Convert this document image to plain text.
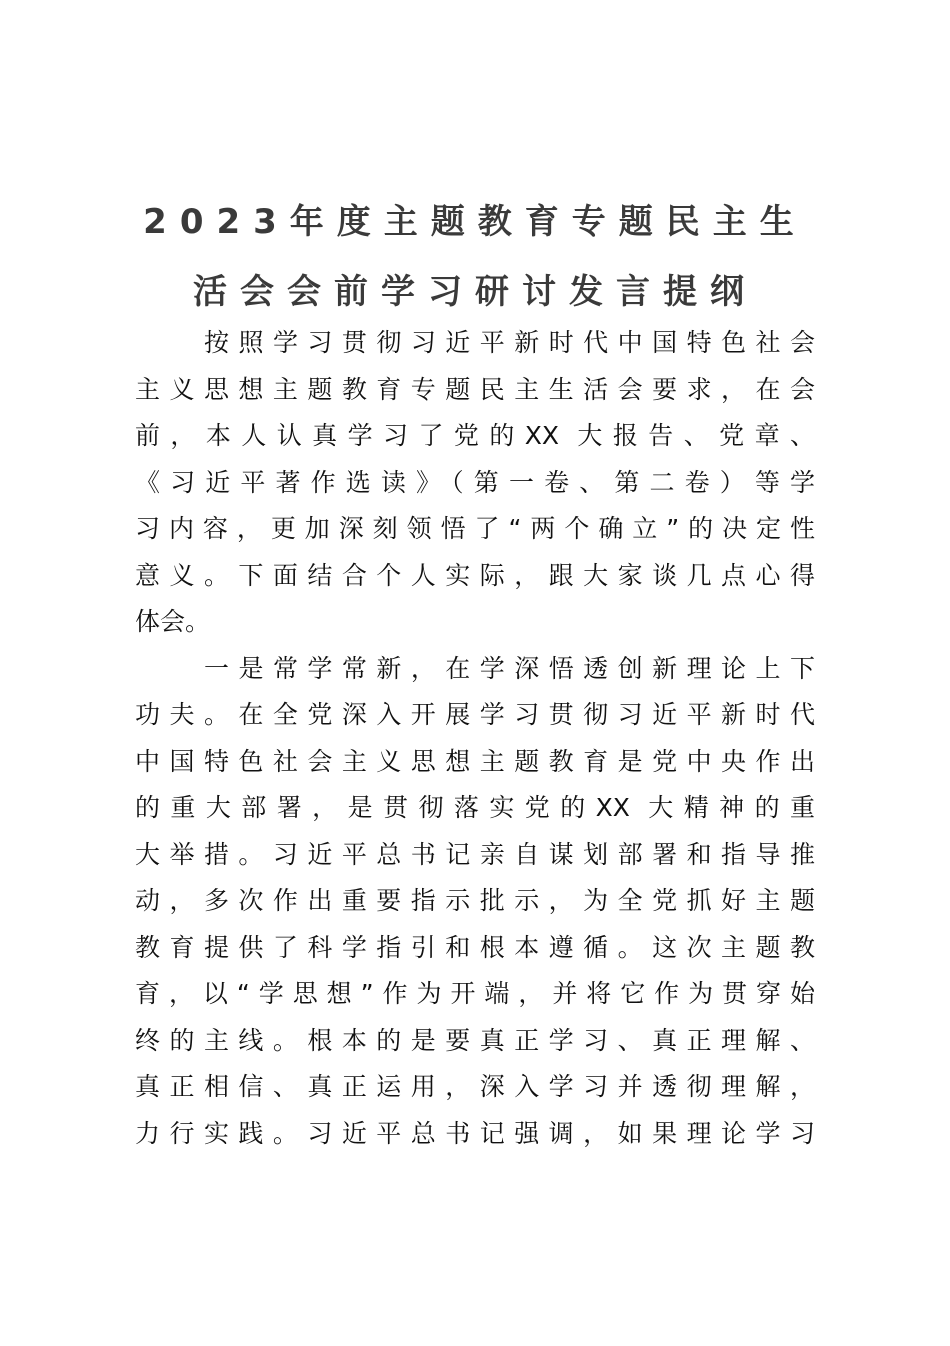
2023年度主题教育专题民主生
活会会前学习研讨发言提纲
按照学习贯彻习近平新时代中国特色社会
主义思想主题教育专题民主生活会要求，在会
前，本人认真学习了党的XX 大报告、党章、
《习近平著作选读》（第一卷、第二卷）等学
习内容，更加深刻领悟了“两个确立”的决定性
意义。下面结合个人实际，跟大家谈几点心得
体会。
一是常学常新，在学深悟透创新理论上下
功夫。在全党深入开展学习贯彻习近平新时代
中国特色社会主义思想主题教育是党中央作出
的重大部署，是贯彻落实党的XX 大精神的重
大举措。习近平总书记亲自谋划部署和指导推
动，多次作出重要指示批示，为全党抓好主题
教育提供了科学指引和根本遵循。这次主题教
育，以“学思想”作为开端，并将它作为贯穿始
终的主线。根本的是要真正学习、真正理解、
真正相信、真正运用，深入学习并透彻理解，
力行实践。习近平总书记强调，如果理论学习
